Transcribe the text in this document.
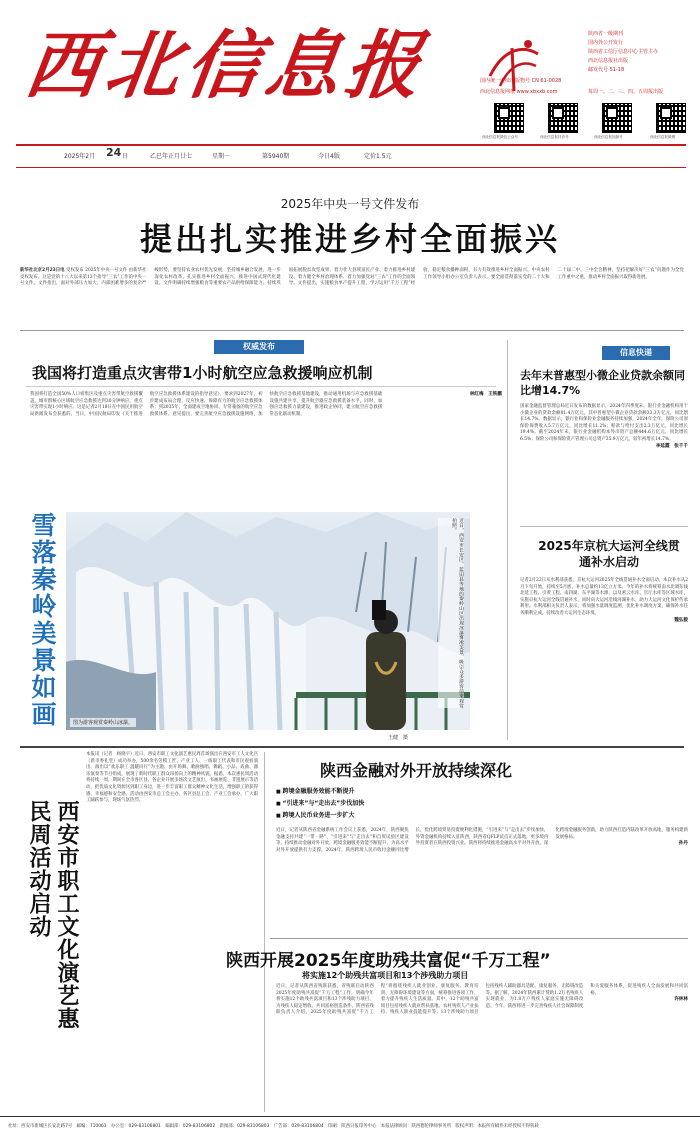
西北信息报	陕西省一级期刊
国内外公开发行
陕西省工信厅信息中心主管主办
西北信息报社出版
邮发代号 51-18
国内统一连续出版物号 CN 61-0028
西北信息报网址 www.xbxxb.com	每周一、二、三、四、五周报出版
西北信息报微信公众号	西北信息报抖音号	西北信息报视频号	西北信息报微博
2025年2月 24 日	乙巳年正月廿七	星期一	第5940期	今日4版	定价1.5元
2025年中央一号文件发布
提出扎实推进乡村全面振兴
新华社北京2月23日电 受权发布 2025年中央一号文件 由新华社受权发布。这是党的十八大以来第13个指导“三农”工作的中央一号文件。文件指出，面对外部压力加大、内部困难增多的复杂严峻形势，要坚持农业农村优先发展，坚持城乡融合发展，进一步深化农村改革，扎实推进乡村全面振兴，推进中国式现代化建设。文件明确持续增强粮食等重要农产品供给保障能力、持续巩固拓展脱贫攻坚成果、着力壮大县域富民产业、着力推进乡村建设、着力健全乡村治理体系、着力加强党对“三农”工作的全面领导。文件提出，实施粮食单产提升工程，学习运用“千万工程”经验，稳定粮食播种面积，有力有效推进乡村全面振兴。中央农村工作领导小组办公室负责人表示，要全面贯彻落实党的二十大和二十届二中、三中全会精神，坚持把解决好“三农”问题作为全党工作重中之重，推动乡村全面振兴取得新进展。
权威发布
我国将打造重点灾害带1小时航空应急救援响应机制
我国将打造全国50%人口密集区及重点灾害带航空救援覆盖、城市群核心区域航空应急救援达到30分钟响应、重点灾害带实现1小时响应。这是记者2月18日在中国民用航空局新闻发布会获悉的。当日，中国民航局印发《关于推进航空应急救援体系建设的指导意见》，要求到2027年，初步建成布局合理、反应快速、保障有力的航空应急救援体系；到2035年，全面建成空地协同、专常兼备的航空应急救援体系。意见提出，要完善航空应急救援设施网络，加快航空应急救援基地建设，推动通用机场与应急救援基础设施共建共享，提升航空器应急救援装备水平。同时，加强应急救援力量建设，推进政企协同，建立航空应急救援常态化联动机制。
林红梅　王铁鹏
雪落秦岭
美景如画	近日，西安市长安区、蓝田县等地的秦岭山区出现冰瀑雾凇美景，吸引众多游客前来观赏拍照。
图为游客观赏秦岭山冰瀑。
王健　摄
信息快递
去年末普惠型小微企业贷款余额同比增14.7%
国家金融监督管理总局近日发布的数据显示，2024年四季度末，银行业金融机构用于小微企业的贷款余额81.4万亿元，其中普惠型小微企业贷款余额33.3万亿元，同比增长14.7%。数据显示，银行业和保险业金融服务持续加强，2024年全年，保险公司原保险保费收入5.7万亿元，同比增长11.2%；赔款与给付支出2.3万亿元，同比增长19.4%。截至2024年末，银行业金融机构本外币资产总额444.6万亿元，同比增长6.5%；保险公司和保险资产管理公司总资产35.9万亿元，较年初增长14.7%。
李延霞　张千千
2025年京杭大运河全线贯通补水启动
记者2月22日从水利部获悉，京杭大运河2025年全线贯通补水全面启动，本次补水从2月下旬开始，持续至5月底，补水总量约13亿立方米。今年的补水将统筹南水北调东线北延工程、引黄工程、南四湖、东平湖等水源，以及密云水库、官厅水库等区域水库，实施京杭大运河全线贯通补水，同时向大运河沿线河湖补水，助力大运河文化保护传承利用。水利部相关负责人表示，将加强水量调度监测，优化补水调度方案，确保补水任务顺利完成，持续改善大运河生态环境。
魏弘毅
西安市职工文化演艺惠民周活动启动
本报讯（记者　杨晓宇）近日，西安市职工文化演艺惠民周首场演出在西安市工人文化宫（新市委礼堂）成功举办，500余名劳模工匠、产业工人、一线职工代表和市民观看演出。演出以“欢乐职工 温暖同行”为主题，由开场舞、歌曲独唱、舞蹈、小品、戏曲、器乐演奏等节目组成，展现了新时代职工群众昂扬向上的精神风貌。据悉，本次惠民周活动将持续一周，期间在全市各区县、各企业开展多场次文艺演出、书画展览、非遗展示等活动，把优质文化资源送到职工身边，进一步丰富职工群众精神文化生活，增强职工的获得感、幸福感和安全感。活动由西安市总工会主办，各区县总工会、产业工会承办，广大职工踊跃参与，现场气氛热烈。
陕西金融对外开放持续深化
■ 跨境金融服务效能不断提升
■ “引进来”与“走出去”步伐加快
■ 跨境人民币业务进一步扩大
近日，记者从陕西省金融系统工作会议上获悉，2024年，陕西聚焦金融支持共建“一带一路”、“引进来”与“走出去”和自贸试验区建设等，持续推动金融对外开放，跨境金融服务效能不断提升，为高水平对外开放提供有力支撑。2024年，陕西跨境人民币收付金额同比增长，优化跨境贸易投资便利化措施，“引进来”与“走出去”步伐加快，外资金融机构持续入驻陕西，陕西省QFLP试点正式落地，更多境内外投资者在陕西投资兴业。陕西将持续推进金融高水平对外开放，深化跨境金融服务创新，助力陕西打造内陆改革开放高地，服务构建新发展格局。
孙丹
陕西开展2025年度助残共富促“千万工程”
将实施12个助残共富项目和13个涉残助力项目
近日，记者从陕西省残联获悉，省残联启动陕西2025年度助残共富促“千万工程”工作，明确今年将实施12个助残共富项目和13个涉残助力项目，为残疾人稳定增收、共同富裕创造条件。陕西省残联负责人介绍，2025年度助残共富促“千万工程”将围绕残疾人就业创业、康复服务、教育培训、无障碍环境建设等方面，统筹推进各项工作，着力提升残疾人生活质量。其中，12个助残共富项目包括残疾人就业帮扶基地、农村残疾人产业扶持、残疾人职业技能提升等；13个涉残助力项目包括残疾人辅助器具适配、康复服务、无障碍改造等。据了解，2024年陕西累计帮助1.2万名残疾人实现就业，为1.8万户残疾人家庭实施无障碍改造。今年，陕西将进一步完善残疾人社会保障制度和关爱服务体系，促进残疾人全面发展和共同富裕。
许林林
社址：西安市新城区长安北路7号　邮编：710061　办公室：029-83106801　编辑部：029-83106802　新闻部：029-83106803　广告部：029-83106804　印刷：陕西日报印务中心　本报法律顾问：陕西德伦律师事务所　版权声明：本报所有稿件未经授权不得转载
